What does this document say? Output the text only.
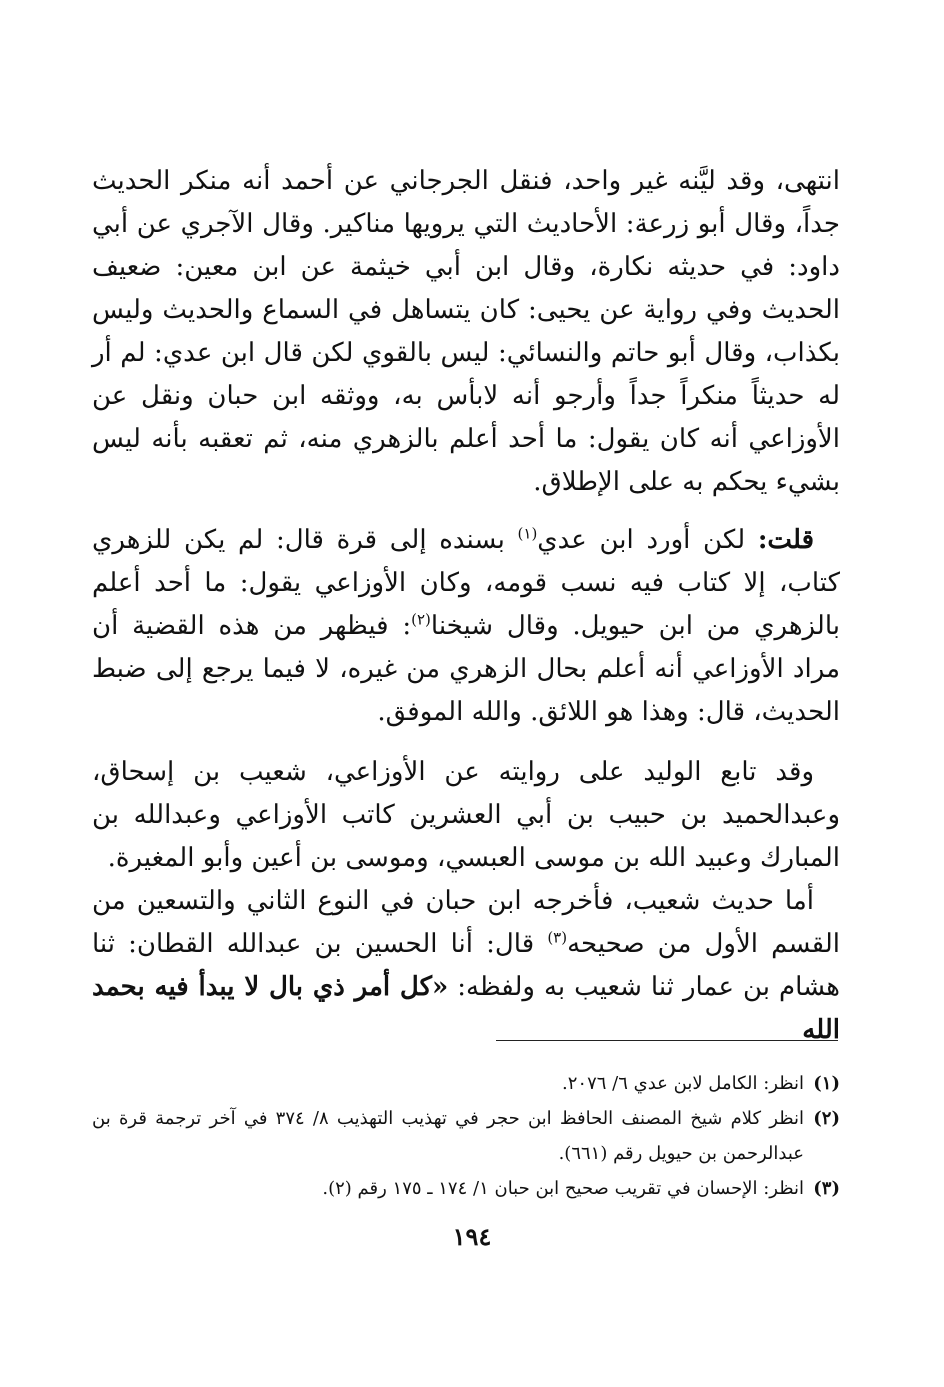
انتهى، وقد ليَّنه غير واحد، فنقل الجرجاني عن أحمد أنه منكر الحديث جداً، وقال أبو زرعة: الأحاديث التي يرويها مناكير. وقال الآجري عن أبي داود: في حديثه نكارة، وقال ابن أبي خيثمة عن ابن معين: ضعيف الحديث وفي رواية عن يحيى: كان يتساهل في السماع والحديث وليس بكذاب، وقال أبو حاتم والنسائي: ليس بالقوي لكن قال ابن عدي: لم أر له حديثاً منكراً جداً وأرجو أنه لابأس به، ووثقه ابن حبان ونقل عن الأوزاعي أنه كان يقول: ما أحد أعلم بالزهري منه، ثم تعقبه بأنه ليس بشيء يحكم به على الإطلاق.
قلت: لكن أورد ابن عدي$^{(١)}$ بسنده إلى قرة قال: لم يكن للزهري كتاب، إلا كتاب فيه نسب قومه، وكان الأوزاعي يقول: ما أحد أعلم بالزهري من ابن حيويل. وقال شيخنا$^{(٢)}$: فيظهر من هذه القضية أن مراد الأوزاعي أنه أعلم بحال الزهري من غيره، لا فيما يرجع إلى ضبط الحديث، قال: وهذا هو اللائق. والله الموفق.
وقد تابع الوليد على روايته عن الأوزاعي، شعيب بن إسحاق، وعبدالحميد بن حبيب بن أبي العشرين كاتب الأوزاعي وعبدالله بن المبارك وعبيد الله بن موسى العبسي، وموسى بن أعين وأبو المغيرة.
أما حديث شعيب، فأخرجه ابن حبان في النوع الثاني والتسعين من القسم الأول من صحيحه$^{(٣)}$ قال: أنا الحسين بن عبدالله القطان: ثنا هشام بن عمار ثنا شعيب به ولفظه: «كل أمر ذي بال لا يبدأ فيه بحمد الله
(١)
انظر: الكامل لابن عدي ٦/ ٢٠٧٦.
(٢)
انظر كلام شيخ المصنف الحافظ ابن حجر في تهذيب التهذيب ٨/ ٣٧٤ في آخر ترجمة قرة بن عبدالرحمن بن حيويل رقم (٦٦١).
(٣)
انظر: الإحسان في تقريب صحيح ابن حبان ١/ ١٧٤ ـ ١٧٥ رقم (٢).
١٩٤
